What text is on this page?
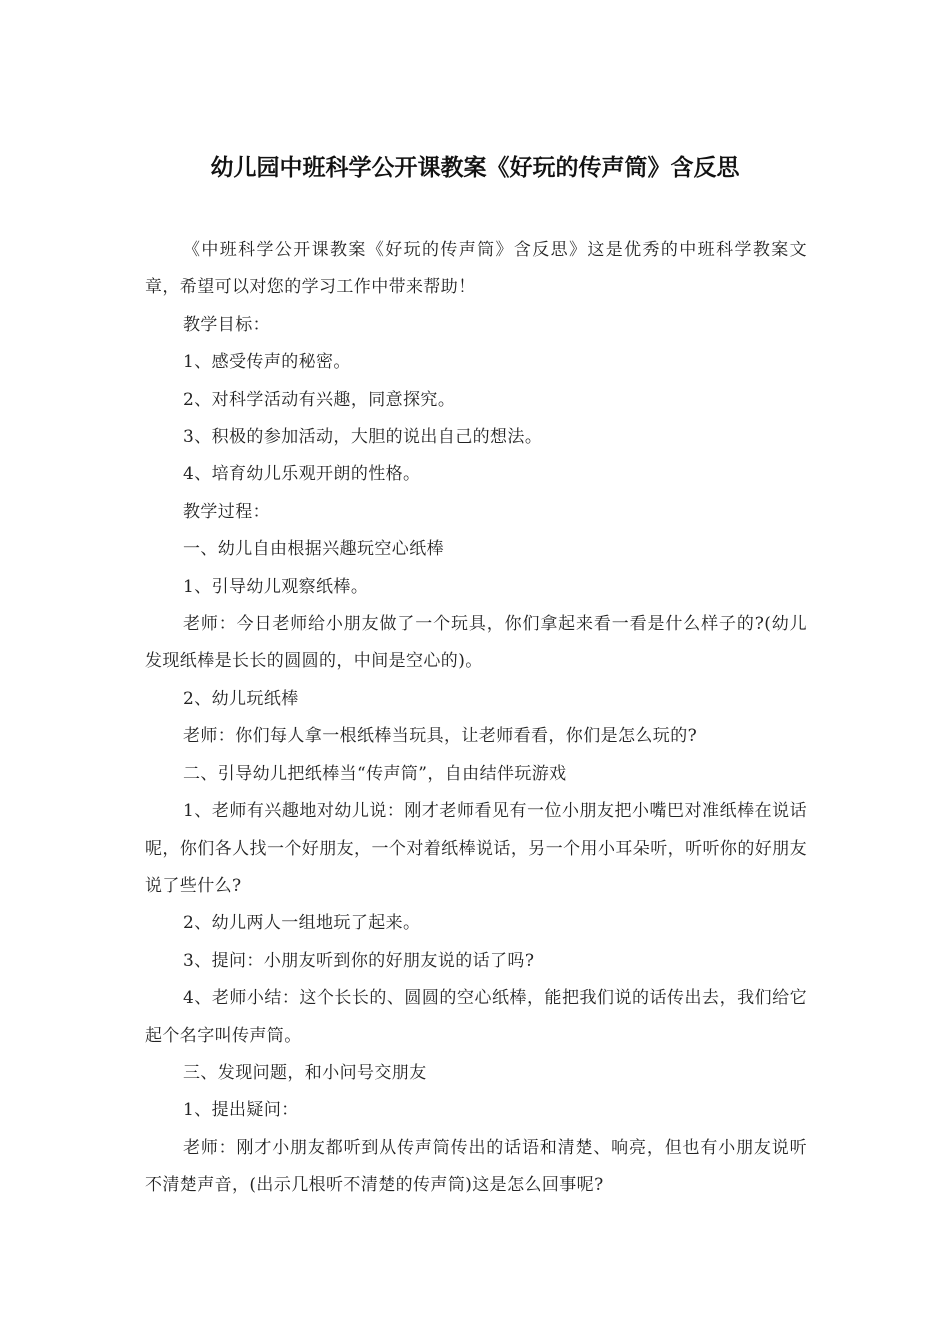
幼儿园中班科学公开课教案《好玩的传声筒》含反思

《中班科学公开课教案《好玩的传声筒》含反思》这是优秀的中班科学教案文章，希望可以对您的学习工作中带来帮助！

教学目标：

1、感受传声的秘密。

2、对科学活动有兴趣，同意探究。

3、积极的参加活动，大胆的说出自己的想法。

4、培育幼儿乐观开朗的性格。

教学过程：

一、幼儿自由根据兴趣玩空心纸棒

1、引导幼儿观察纸棒。

老师：今日老师给小朋友做了一个玩具，你们拿起来看一看是什么样子的?(幼儿发现纸棒是长长的圆圆的，中间是空心的)。

2、幼儿玩纸棒

老师：你们每人拿一根纸棒当玩具，让老师看看，你们是怎么玩的?

二、引导幼儿把纸棒当“传声筒”，自由结伴玩游戏

1、老师有兴趣地对幼儿说：刚才老师看见有一位小朋友把小嘴巴对准纸棒在说话呢，你们各人找一个好朋友，一个对着纸棒说话，另一个用小耳朵听，听听你的好朋友说了些什么?

2、幼儿两人一组地玩了起来。

3、提问：小朋友听到你的好朋友说的话了吗?

4、老师小结：这个长长的、圆圆的空心纸棒，能把我们说的话传出去，我们给它起个名字叫传声筒。

三、发现问题，和小问号交朋友

1、提出疑问：

老师：刚才小朋友都听到从传声筒传出的话语和清楚、响亮，但也有小朋友说听不清楚声音，(出示几根听不清楚的传声筒)这是怎么回事呢?
